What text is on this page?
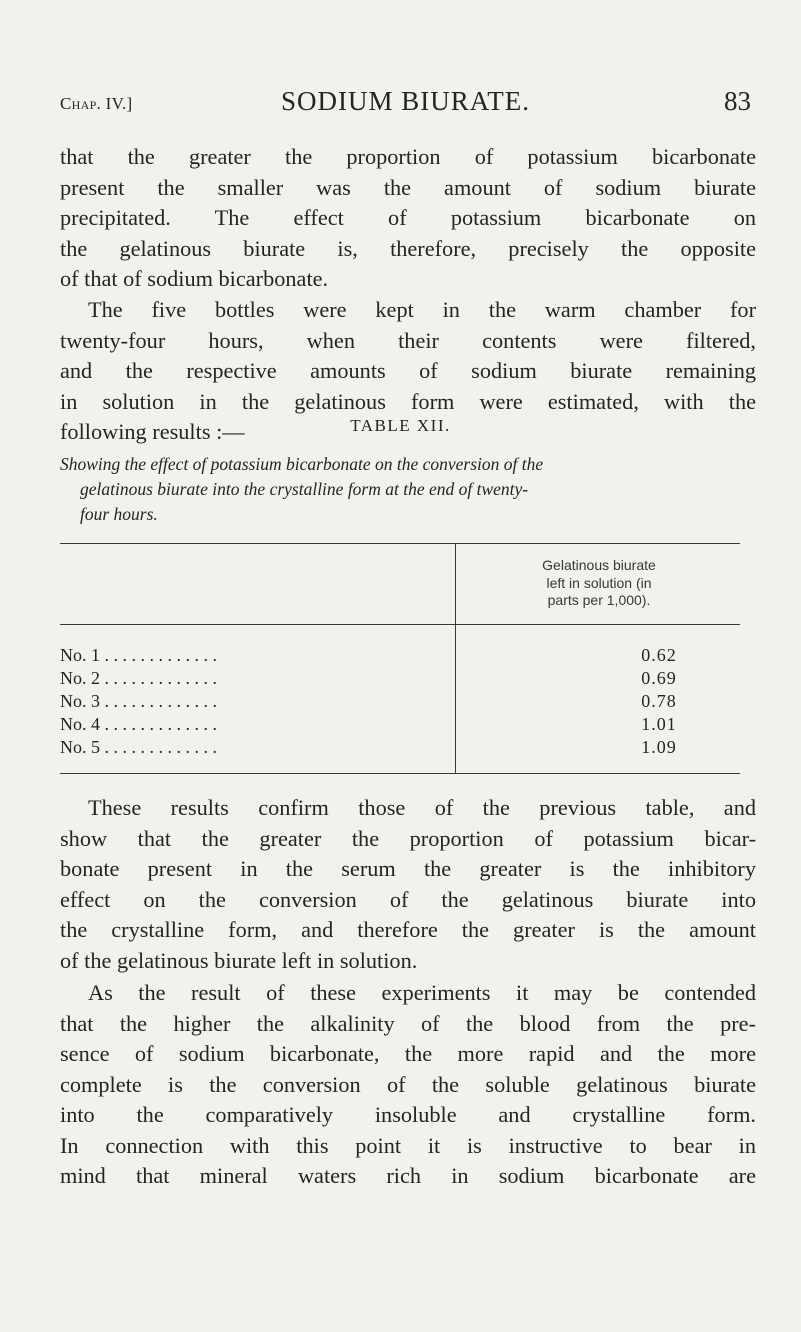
Chap. IV.]	SODIUM BIURATE.	83

that the greater the proportion of potassium bicarbonate
present the smaller was the amount of sodium biurate
precipitated. The effect of potassium bicarbonate on
the gelatinous biurate is, therefore, precisely the opposite
of that of sodium bicarbonate.

The five bottles were kept in the warm chamber for
twenty-four hours, when their contents were filtered,
and the respective amounts of sodium biurate remaining
in solution in the gelatinous form were estimated, with the
following results :—	TABLE XII.
Showing the effect of potassium bicarbonate on the conversion of the
gelatinous biurate into the crystalline form at the end of twenty-
four hours.
Gelatinous biurate
left in solution (in
parts per 1,000).
No. 1 . . . . . . . . . . . . .	0.62
No. 2 . . . . . . . . . . . . .	0.69
No. 3 . . . . . . . . . . . . .	0.78
No. 4 . . . . . . . . . . . . .	1.01
No. 5 . . . . . . . . . . . . .	1.09

These results confirm those of the previous table, and
show that the greater the proportion of potassium bicar-
bonate present in the serum the greater is the inhibitory
effect on the conversion of the gelatinous biurate into
the crystalline form, and therefore the greater is the amount
of the gelatinous biurate left in solution.

As the result of these experiments it may be contended
that the higher the alkalinity of the blood from the pre-
sence of sodium bicarbonate, the more rapid and the more
complete is the conversion of the soluble gelatinous biurate
into the comparatively insoluble and crystalline form.
In connection with this point it is instructive to bear in
mind that mineral waters rich in sodium bicarbonate are
